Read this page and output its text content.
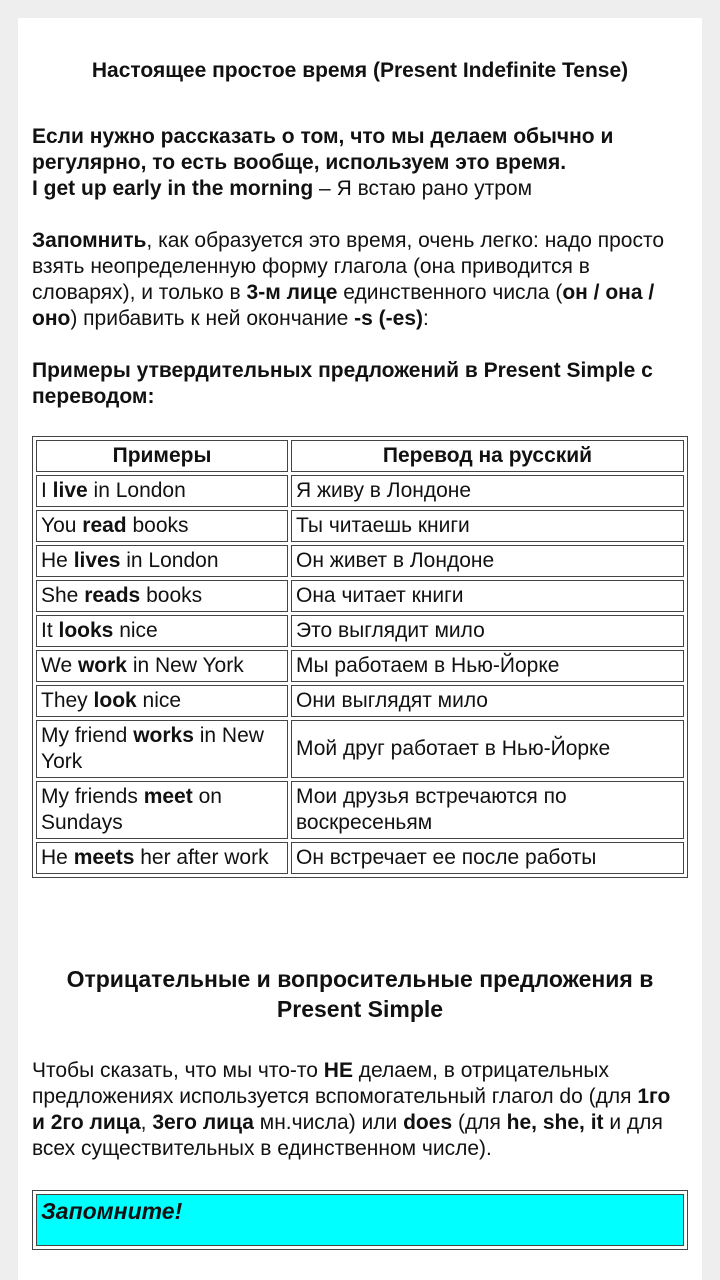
Настоящее простое время (Present Indefinite Tense)

Если нужно рассказать о том, что мы делаем обычно и регулярно, то есть вообще, используем это время.
I get up early in the morning – Я встаю рано утром

Запомнить, как образуется это время, очень легко: надо просто взять неопределенную форму глагола (она приводится в словарях), и только в 3-м лице единственного числа (он / она / оно) прибавить к ней окончание -s (-es):

Примеры утвердительных предложений в Present Simple с переводом:

Примеры	Перевод на русский
I live in London	Я живу в Лондоне
You read books	Ты читаешь книги
He lives in London	Он живет в Лондоне
She reads books	Она читает книги
It looks nice	Это выглядит мило
We work in New York	Мы работаем в Нью-Йорке
They look nice	Они выглядят мило
My friend works in New York	Мой друг работает в Нью-Йорке
My friends meet on Sundays	Мои друзья встречаются по воскресеньям
He meets her after work	Он встречает ее после работы
Отрицательные и вопросительные предложения в Present Simple

Чтобы сказать, что мы что-то НЕ делаем, в отрицательных предложениях используется вспомогательный глагол do (для 1го и 2го лица, 3его лица мн.числа) или does (для he, she, it и для всех существительных в единственном числе).

Запомните!
